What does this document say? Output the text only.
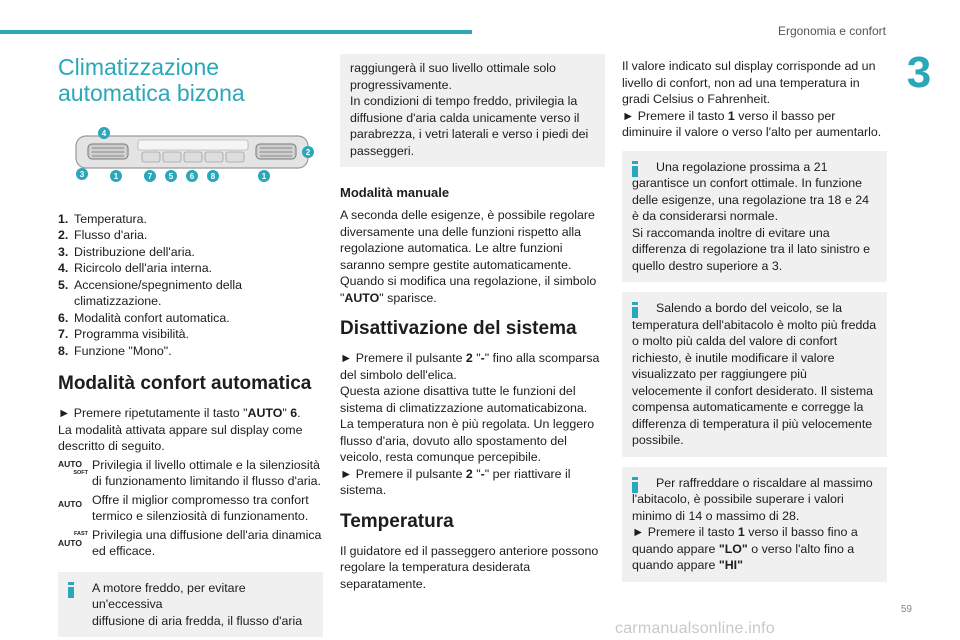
Ergonomia e confort
3
Climatizzazione
automatica bizona
4
2
3	1	7 5 6 8	1
1. Temperatura.
2. Flusso d'aria.
3. Distribuzione dell'aria.
4. Ricircolo dell'aria interna.
5. Accensione/spegnimento della climatizzazione.
6. Modalità confort automatica.
7. Programma visibilità.
8. Funzione "Mono".
Modalità confort automatica

► Premere ripetutamente il tasto "AUTO" 6.

La modalità attivata appare sul display come descritto di seguito.

AUTO
SOFT
Privilegia il livello ottimale e la silenziosità di funzionamento limitando il flusso d'aria.
AUTO Offre il miglior compromesso tra confort termico e silenziosità di funzionamento.
FAST
AUTO
Privilegia una diffusione dell'aria dinamica ed efficace.

A motore freddo, per evitare un'eccessiva

diffusione di aria fredda, il flusso d'aria

raggiungerà il suo livello ottimale solo progressivamente.

In condizioni di tempo freddo, privilegia la diffusione d'aria calda unicamente verso il parabrezza, i vetri laterali e verso i piedi dei passeggeri.

Modalità manuale

A seconda delle esigenze, è possibile regolare diversamente una delle funzioni rispetto alla regolazione automatica. Le altre funzioni saranno sempre gestite automaticamente.

Quando si modifica una regolazione, il simbolo "AUTO" sparisce.

Disattivazione del sistema

► Premere il pulsante 2 "-" fino alla scomparsa del simbolo dell'elica.

Questa azione disattiva tutte le funzioni del sistema di climatizzazione automaticabizona.

La temperatura non è più regolata. Un leggero flusso d'aria, dovuto allo spostamento del veicolo, resta comunque percepibile.

► Premere il pulsante 2 "-" per riattivare il sistema.

Temperatura

Il guidatore ed il passeggero anteriore possono regolare la temperatura desiderata separatamente.

Il valore indicato sul display corrisponde ad un livello di confort, non ad una temperatura in gradi Celsius o Fahrenheit.

► Premere il tasto 1 verso il basso per diminuire il valore o verso l'alto per aumentarlo.

Una regolazione prossima a 21 garantisce un confort ottimale. In funzione delle esigenze, una regolazione tra 18 e 24 è da considerarsi normale.

Si raccomanda inoltre di evitare una differenza di regolazione tra il lato sinistro e quello destro superiore a 3.

Salendo a bordo del veicolo, se la temperatura dell'abitacolo è molto più fredda o molto più calda del valore di confort richiesto, è inutile modificare il valore visualizzato per raggiungere più velocemente il confort desiderato. Il sistema compensa automaticamente e corregge la differenza di temperatura il più velocemente possibile.

Per raffreddare o riscaldare al massimo l'abitacolo, è possibile superare i valori minimo di 14 o massimo di 28.

► Premere il tasto 1 verso il basso fino a quando appare "LO" o verso l'alto fino a quando appare "HI"

59
carmanualsonline.info
